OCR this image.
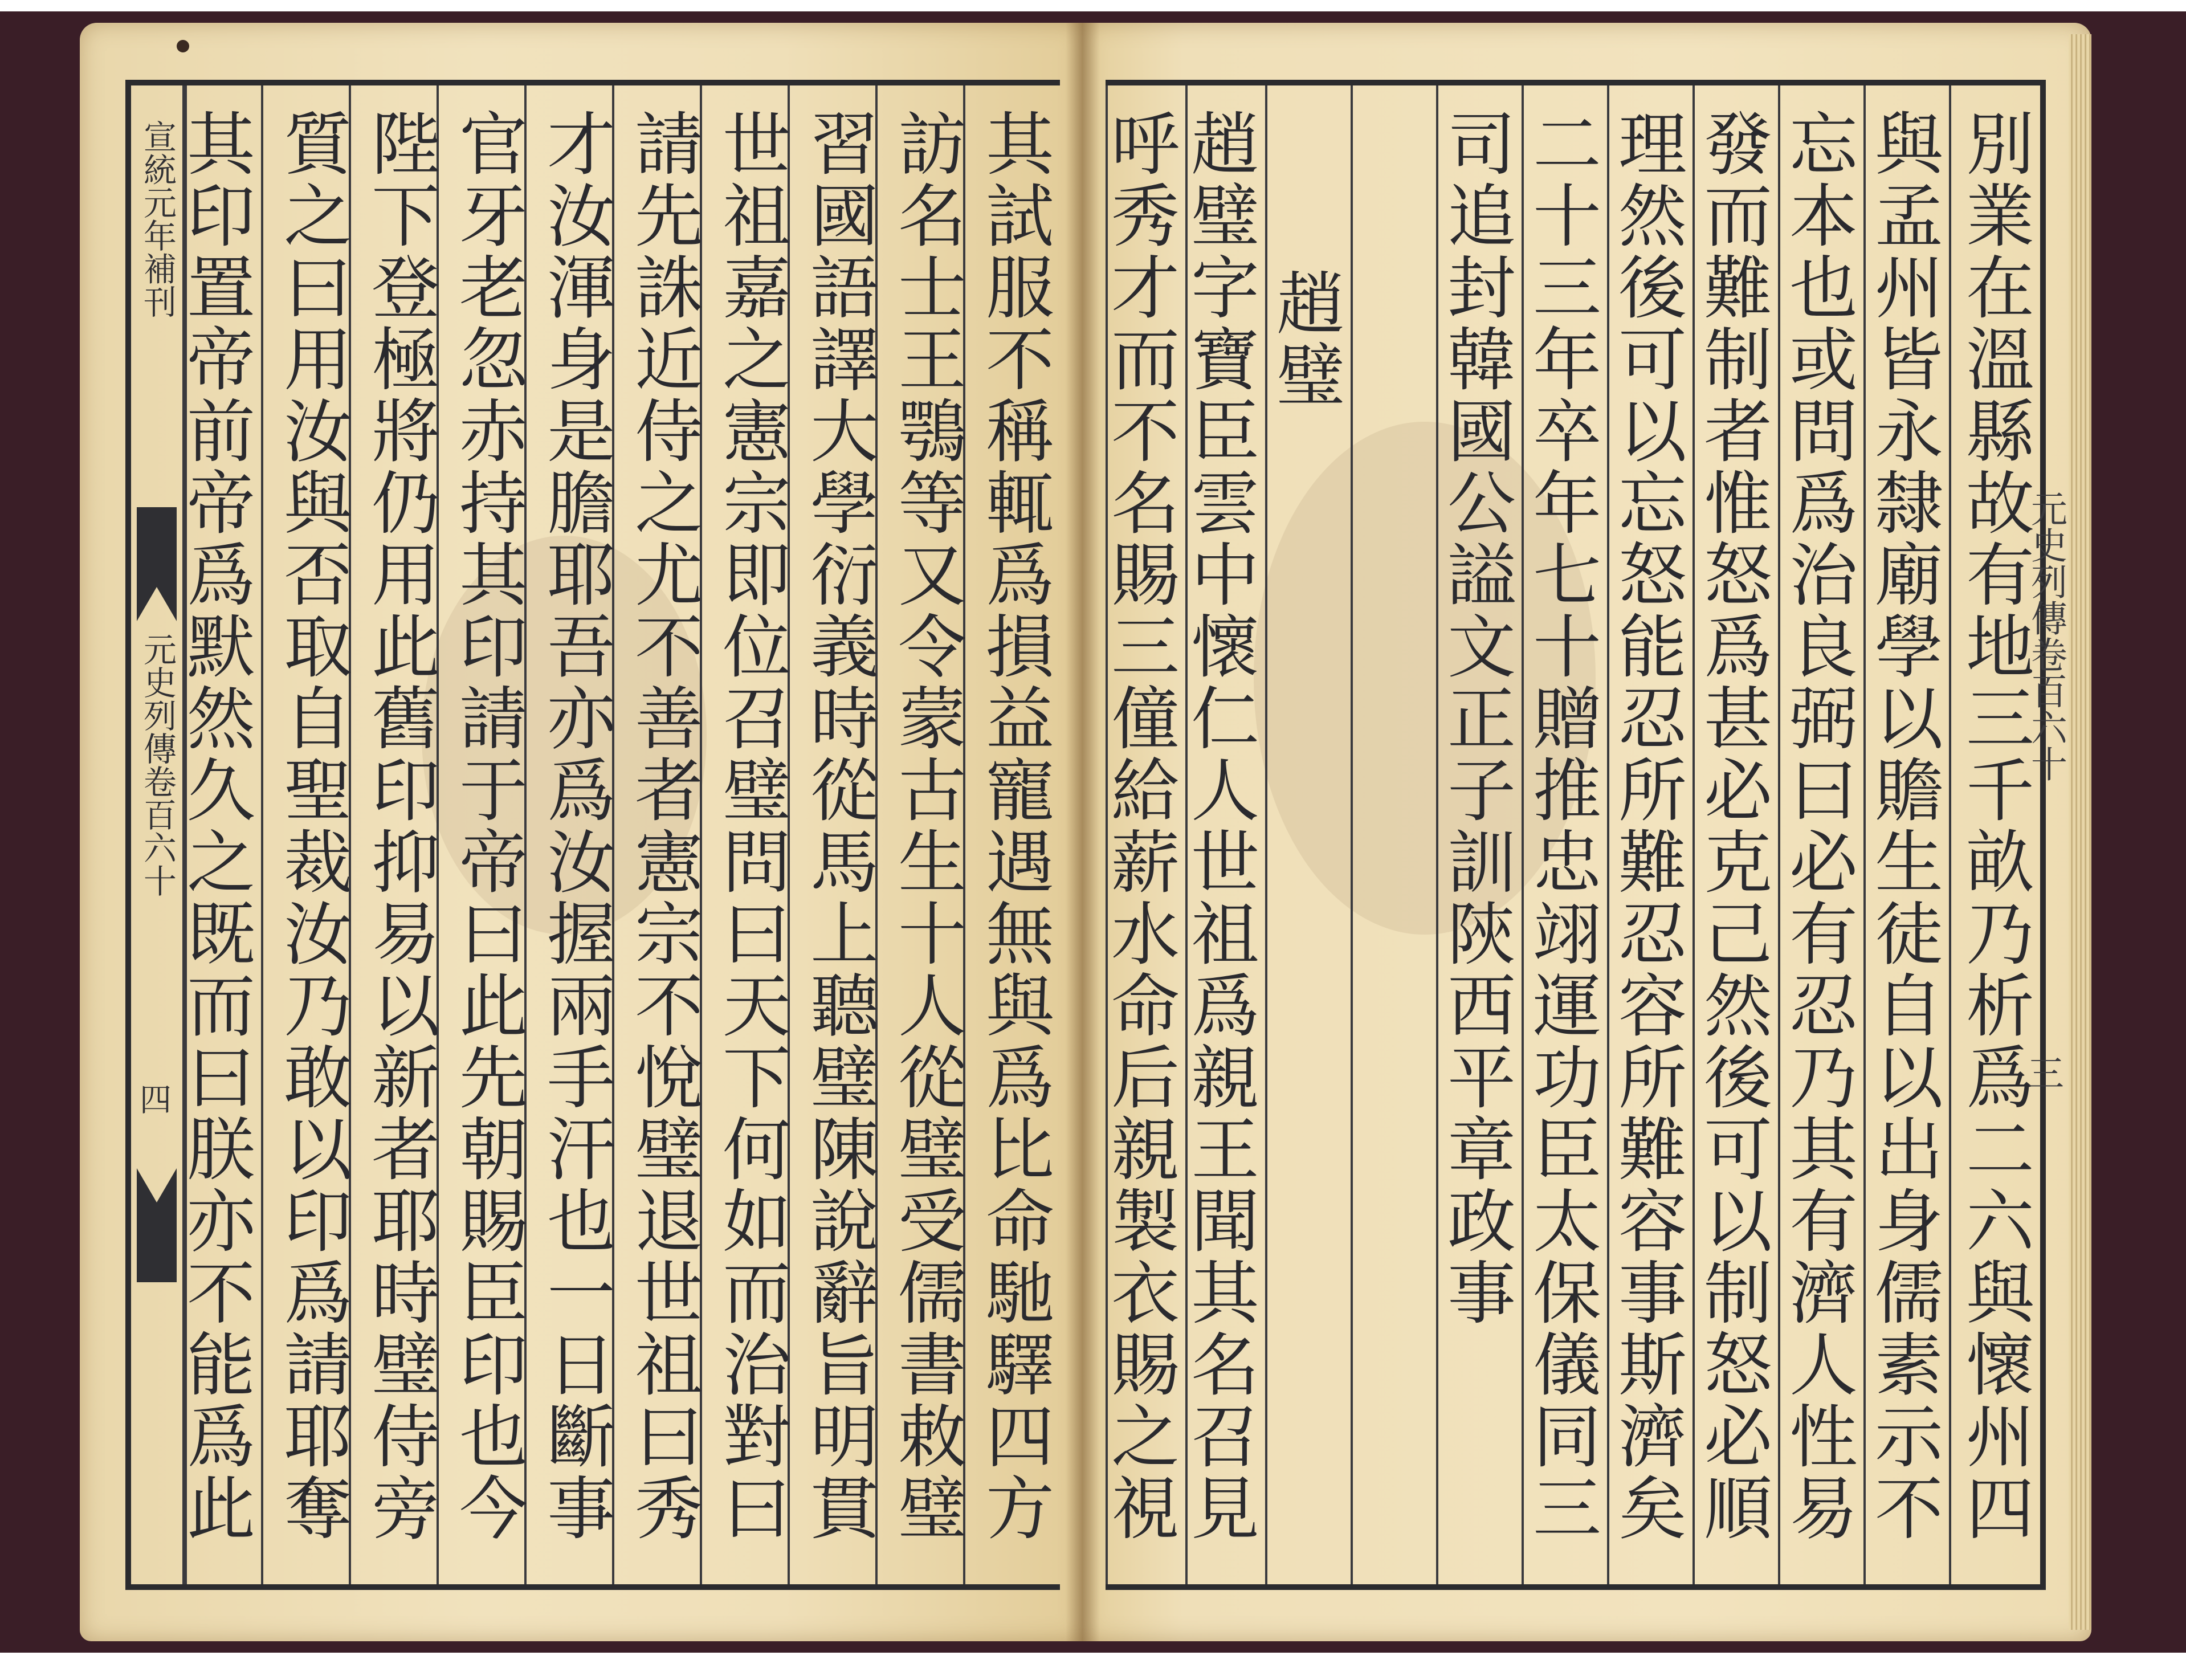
宣統元年補刊
元史列傳卷百六十
四	其試服不稱輒爲損益寵遇無與爲比命馳驛四方
訪名士王鶚等又令蒙古生十人從璧受儒書敕璧
習國語譯大學衍義時從馬上聽璧陳說辭旨明貫
世祖嘉之憲宗即位召璧問曰天下何如而治對曰
請先誅近侍之尤不善者憲宗不悅璧退世祖曰秀
才汝渾身是膽耶吾亦爲汝握兩手汗也一日斷事
官牙老忽赤持其印請于帝曰此先朝賜臣印也今
陛下登極將仍用此舊印抑易以新者耶時璧侍旁
質之曰用汝與否取自聖裁汝乃敢以印爲請耶奪
其印置帝前帝爲默然久之既而曰朕亦不能爲此	別業在溫縣故有地三千畝乃析爲二六與懷州四
與孟州皆永隸廟學以贍生徒自以出身儒素示不
忘本也或問爲治良弼曰必有忍乃其有濟人性易
發而難制者惟怒爲甚必克己然後可以制怒必順
理然後可以忘怒能忍所難忍容所難容事斯濟矣
二十三年卒年七十贈推忠翊運功臣太保儀同三
司追封韓國公謚文正子訓陝西平章政事
趙璧
趙璧字寶臣雲中懷仁人世祖爲親王聞其名召見
呼秀才而不名賜三僮給薪水命后親製衣賜之視	元史列傳卷百六十
三
